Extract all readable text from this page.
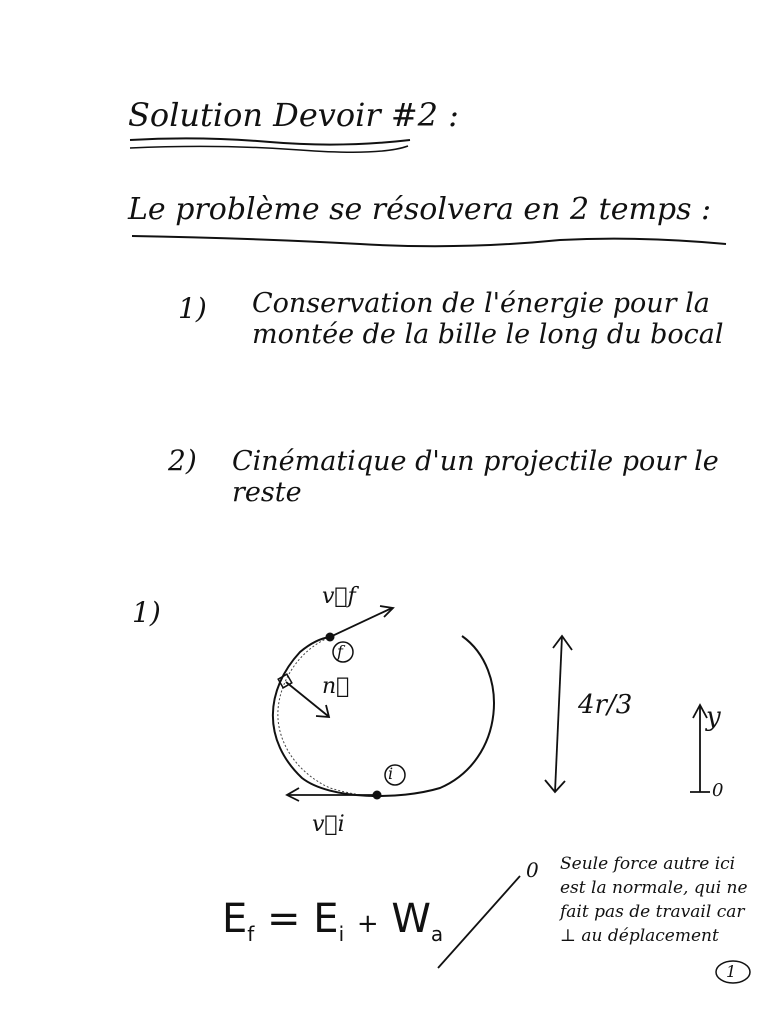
Solution Devoir #2 :
Le problème se résolvera en 2 temps :
1) Conservation de l'énergie pour la montée de la bille le long du bocal
2) Cinématique d'un projectile pour le reste
1)	v⃗f
n⃗
v⃗i
f
i
4r/3	y
0
$E_f = E_i + W_a$
0 Seule force autre ici est la normale, qui ne fait pas de travail car ⊥ au déplacement
1
